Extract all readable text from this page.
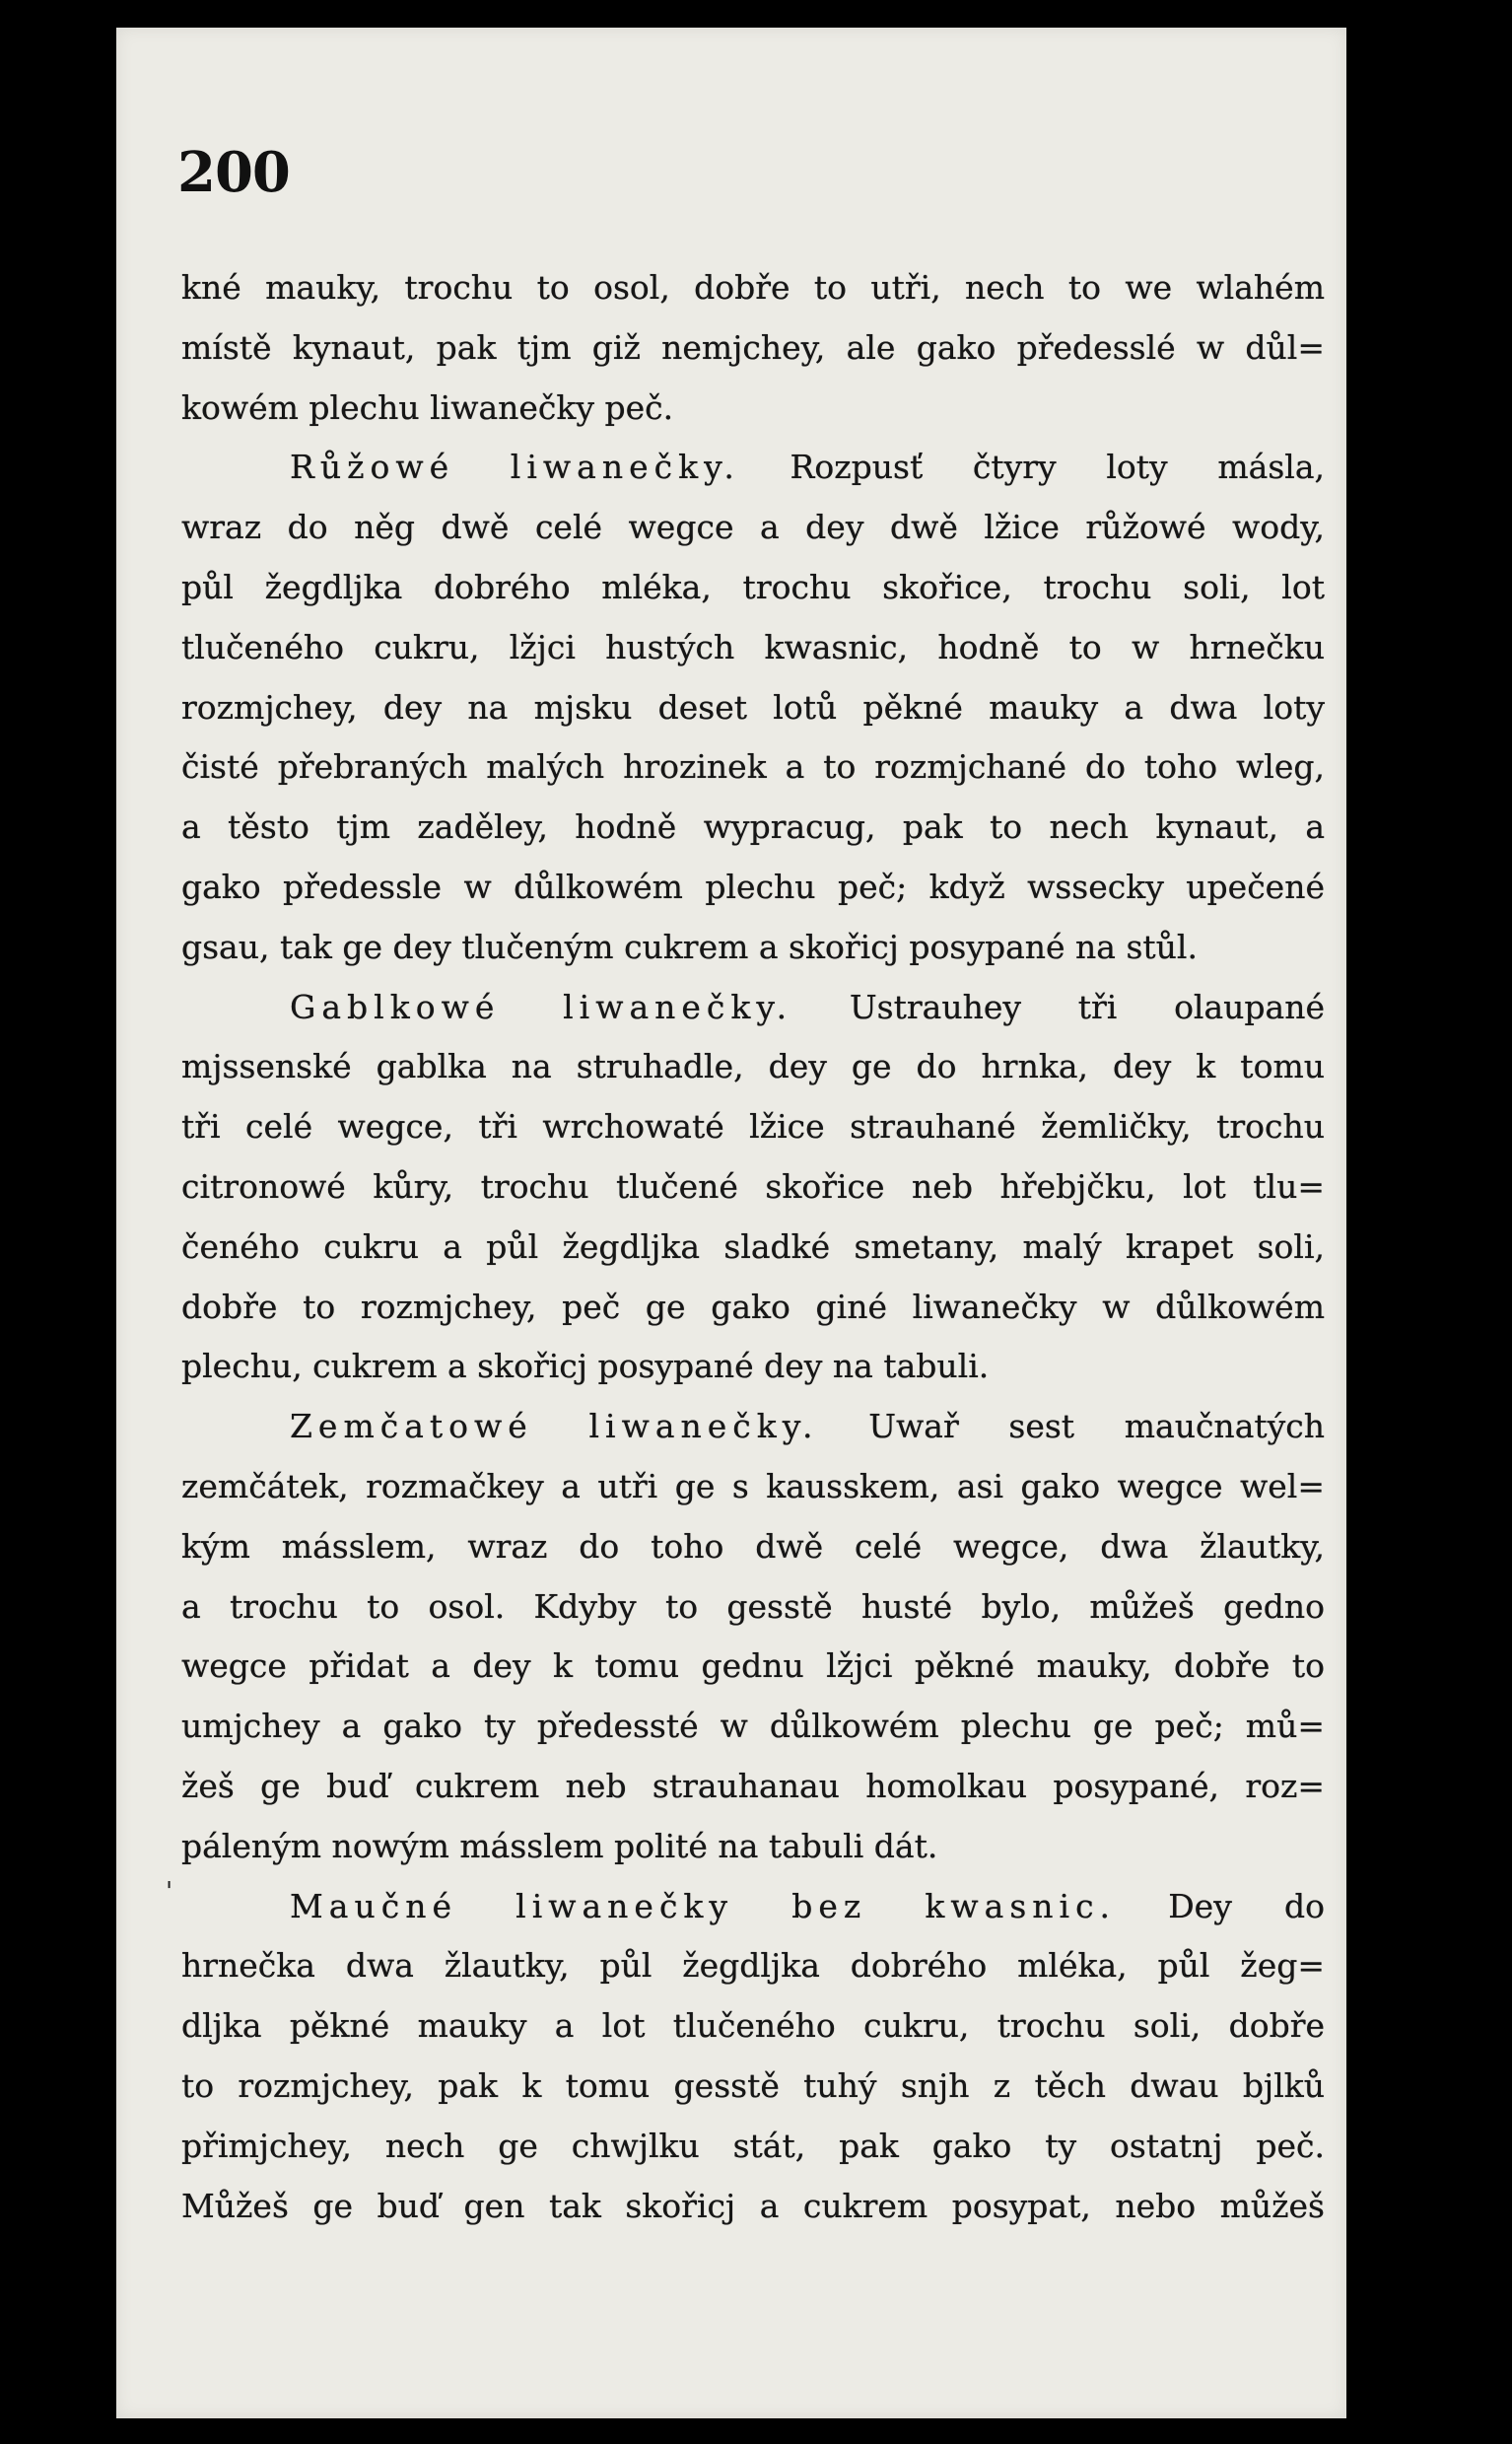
200
'
kné mauky, trochu to osol, dobře to utři, nech to we wlahém
místě kynaut, pak tjm giž nemjchey, ale gako předesslé w důl=
kowém plechu liwanečky peč.
Růžowé liwanečky. Rozpusť čtyry loty másla,
wraz do něg dwě celé wegce a dey dwě lžice růžowé wody,
půl žegdljka dobrého mléka, trochu skořice, trochu soli, lot
tlučeného cukru, lžjci hustých kwasnic, hodně to w hrnečku
rozmjchey, dey na mjsku deset lotů pěkné mauky a dwa loty
čisté přebraných malých hrozinek a to rozmjchané do toho wleg,
a těsto tjm zaděley, hodně wypracug, pak to nech kynaut, a
gako předessle w důlkowém plechu peč; když wssecky upečené
gsau, tak ge dey tlučeným cukrem a skořicj posypané na stůl.
Gablkowé liwanečky. Ustrauhey tři olaupané
mjssenské gablka na struhadle, dey ge do hrnka, dey k tomu
tři celé wegce, tři wrchowaté lžice strauhané žemličky, trochu
citronowé kůry, trochu tlučené skořice neb hřebjčku, lot tlu=
čeného cukru a půl žegdljka sladké smetany, malý krapet soli,
dobře to rozmjchey, peč ge gako giné liwanečky w důlkowém
plechu, cukrem a skořicj posypané dey na tabuli.
Zemčatowé liwanečky. Uwař sest maučnatých
zemčátek, rozmačkey a utři ge s kausskem, asi gako wegce wel=
kým másslem, wraz do toho dwě celé wegce, dwa žlautky,
a trochu to osol. Kdyby to gesstě husté bylo, můžeš gedno
wegce přidat a dey k tomu gednu lžjci pěkné mauky, dobře to
umjchey a gako ty předessté w důlkowém plechu ge peč; mů=
žeš ge buď cukrem neb strauhanau homolkau posypané, roz=
páleným nowým másslem polité na tabuli dát.
Maučné liwanečky bez kwasnic. Dey do
hrnečka dwa žlautky, půl žegdljka dobrého mléka, půl žeg=
dljka pěkné mauky a lot tlučeného cukru, trochu soli, dobře
to rozmjchey, pak k tomu gesstě tuhý snjh z těch dwau bjlků
přimjchey, nech ge chwjlku stát, pak gako ty ostatnj peč.
Můžeš ge buď gen tak skořicj a cukrem posypat, nebo můžeš
